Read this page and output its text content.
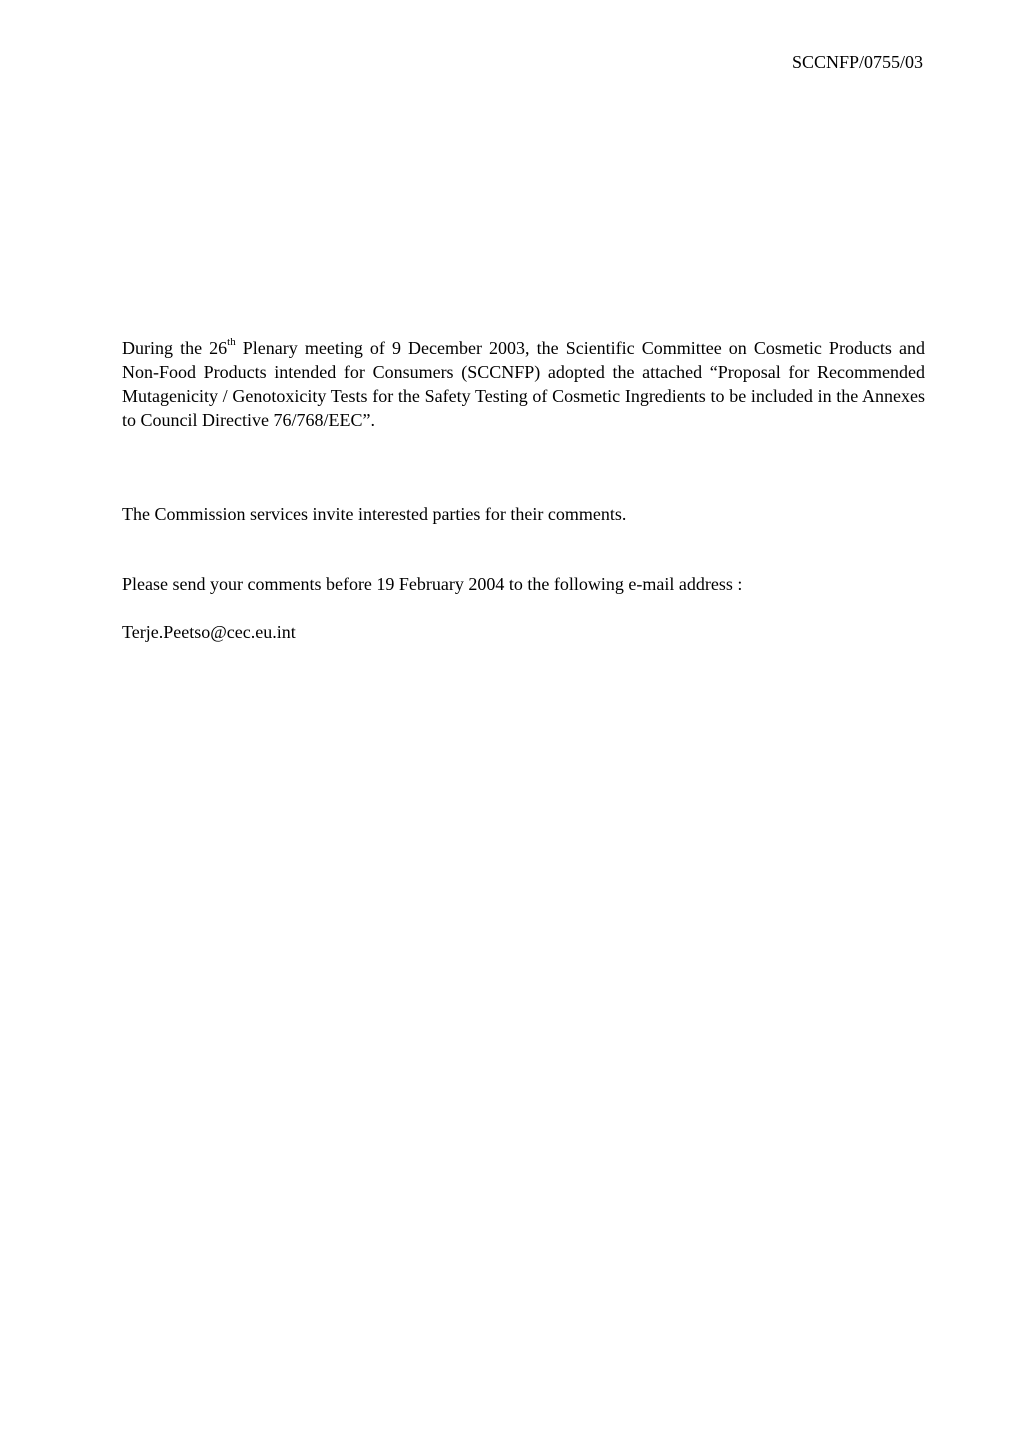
SCCNFP/0755/03

During the 26th Plenary meeting of 9 December 2003, the Scientific Committee on Cosmetic Products and Non-Food Products intended for Consumers (SCCNFP) adopted the attached “Proposal for Recommended Mutagenicity / Genotoxicity Tests for the Safety Testing of Cosmetic Ingredients to be included in the Annexes to Council Directive 76/768/EEC”.

The Commission services invite interested parties for their comments.

Please send your comments before 19 February 2004 to the following e-mail address :

Terje.Peetso@cec.eu.int
